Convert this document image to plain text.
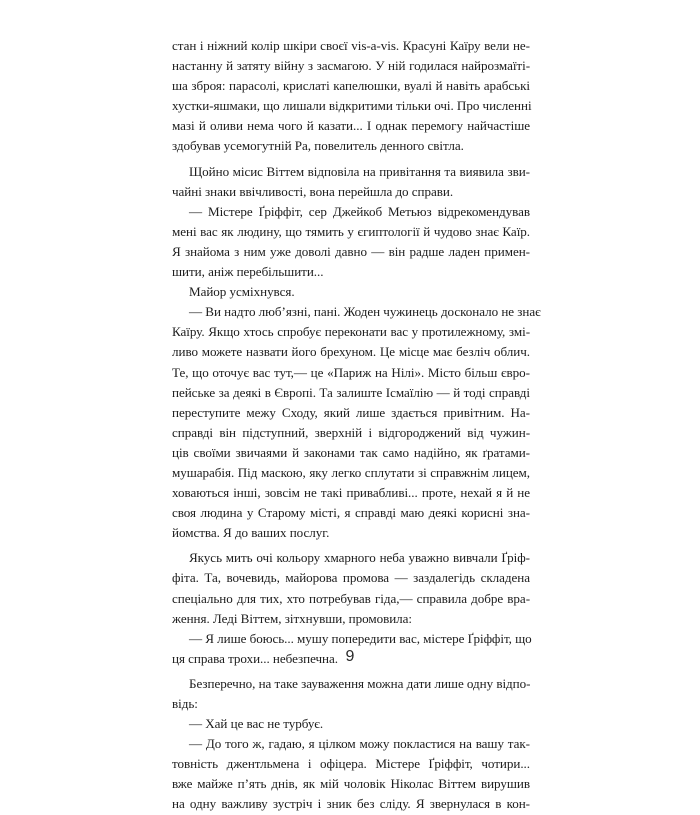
стан і ніжний колір шкіри своєї vis-a-vis. Красуні Каїру вели не-
настанну й затяту війну з засмагою. У ній годилася найрозмаїті-
ша зброя: парасолі, крислаті капелюшки, вуалі й навіть арабські
хустки-яшмаки, що лишали відкритими тільки очі. Про численні
мазі й оливи нема чого й казати... І однак перемогу найчастіше
здобував усемогутній Ра, повелитель денного світла.
Щойно місис Віттем відповіла на привітання та виявила зви-
чайні знаки ввічливості, вона перейшла до справи.
— Містере Ґріффіт, сер Джейкоб Метьюз відрекомендував
мені вас як людину, що тямить у єгиптології й чудово знає Каїр.
Я знайома з ним уже доволі давно — він радше ладен примен-
шити, аніж перебільшити...
Майор усміхнувся.
— Ви надто люб’язні, пані. Жоден чужинець досконало не знає
Каїру. Якщо хтось спробує переконати вас у протилежному, змі-
ливо можете назвати його брехуном. Це місце має безліч облич.
Те, що оточує вас тут,— це «Париж на Нілі». Місто більш євро-
пейське за деякі в Європі. Та залиште Ісмаїлію — й тоді справді
переступите межу Сходу, який лише здається привітним. На-
справді він підступний, зверхній і відгороджений від чужин-
ців своїми звичаями й законами так само надійно, як ґратами-
мушарабія. Під маскою, яку легко сплутати зі справжнім лицем,
ховаються інші, зовсім не такі привабливі... проте, нехай я й не
своя людина у Старому місті, я справді маю деякі корисні зна-
йомства. Я до ваших послуг.
Якусь мить очі кольору хмарного неба уважно вивчали Ґріф-
фіта. Та, вочевидь, майорова промова — заздалегідь складена
спеціально для тих, хто потребував гіда,— справила добре вра-
ження. Леді Віттем, зітхнувши, промовила:
— Я лише боюсь... мушу попередити вас, містере Ґріффіт, що
ця справа трохи... небезпечна.
Безперечно, на таке зауваження можна дати лише одну відпо-
відь:
— Хай це вас не турбує.
— До того ж, гадаю, я цілком можу покластися на вашу так-
товність джентльмена і офіцера. Містере Ґріффіт, чотири...
вже майже п’ять днів, як мій чоловік Ніколас Віттем вирушив
на одну важливу зустріч і зник без сліду. Я звернулася в кон-
9
